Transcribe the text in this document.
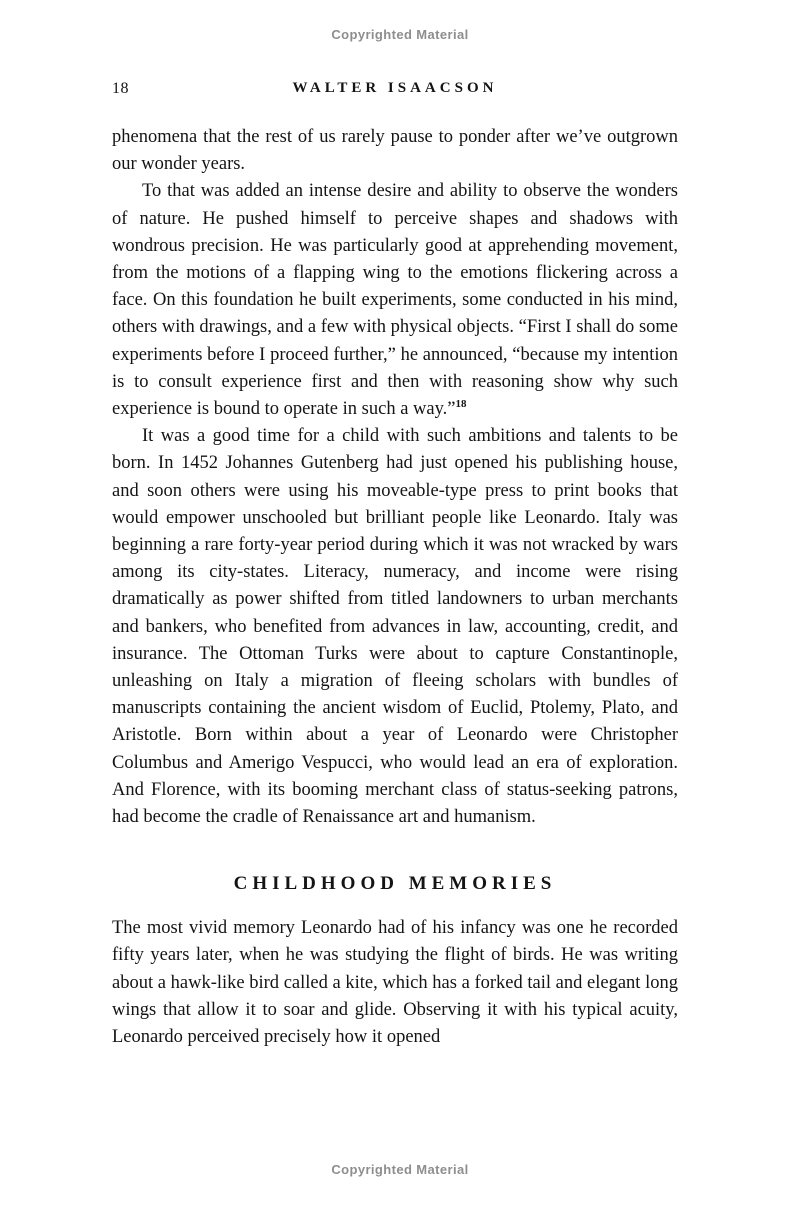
Copyrighted Material
18	WALTER ISAACSON

phenomena that the rest of us rarely pause to ponder after we’ve outgrown our wonder years.

To that was added an intense desire and ability to observe the wonders of nature. He pushed himself to perceive shapes and shadows with wondrous precision. He was particularly good at apprehending movement, from the motions of a flapping wing to the emotions flickering across a face. On this foundation he built experiments, some conducted in his mind, others with drawings, and a few with physical objects. “First I shall do some experiments before I proceed further,” he announced, “because my intention is to consult experience first and then with reasoning show why such experience is bound to operate in such a way.”$^{18}$

It was a good time for a child with such ambitions and talents to be born. In 1452 Johannes Gutenberg had just opened his publishing house, and soon others were using his moveable-type press to print books that would empower unschooled but brilliant people like Leonardo. Italy was beginning a rare forty-year period during which it was not wracked by wars among its city-states. Literacy, numeracy, and income were rising dramatically as power shifted from titled landowners to urban merchants and bankers, who benefited from advances in law, accounting, credit, and insurance. The Ottoman Turks were about to capture Constantinople, unleashing on Italy a migration of fleeing scholars with bundles of manuscripts containing the ancient wisdom of Euclid, Ptolemy, Plato, and Aristotle. Born within about a year of Leonardo were Christopher Columbus and Amerigo Vespucci, who would lead an era of exploration. And Florence, with its booming merchant class of status-seeking patrons, had become the cradle of Renaissance art and humanism.

CHILDHOOD MEMORIES

The most vivid memory Leonardo had of his infancy was one he recorded fifty years later, when he was studying the flight of birds. He was writing about a hawk-like bird called a kite, which has a forked tail and elegant long wings that allow it to soar and glide. Observing it with his typical acuity, Leonardo perceived precisely how it opened

Copyrighted Material
